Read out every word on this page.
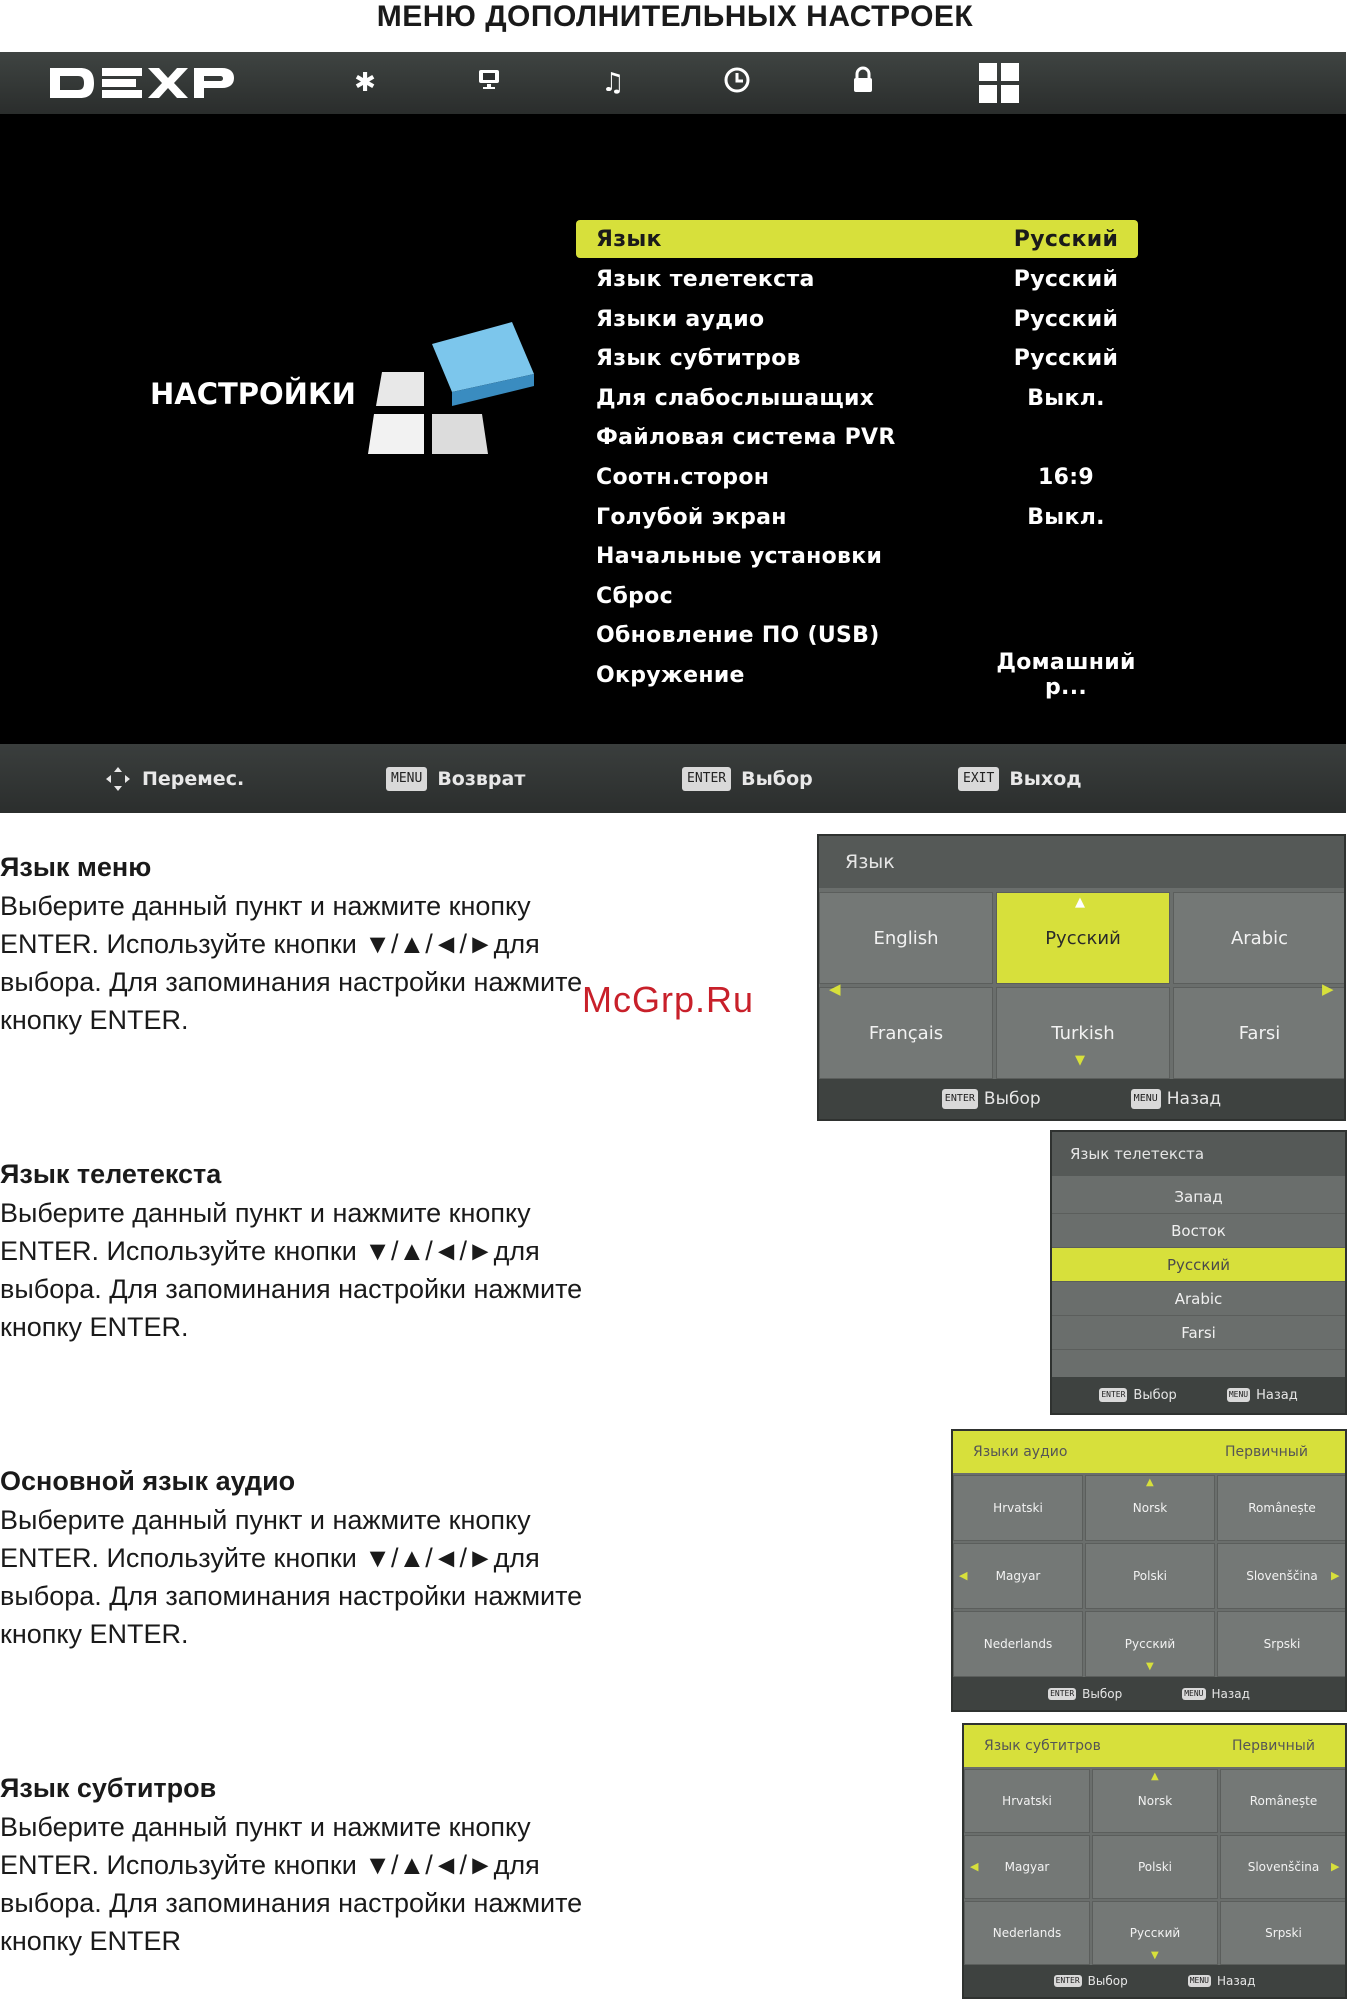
МЕНЮ ДОПОЛНИТЕЛЬНЫХ НАСТРОЕК
✱	♫
НАСТРОЙКИ
Язык	Русский
Язык телетекста	Русский
Языки аудио	Русский
Язык субтитров	Русский
Для слабослышащих	Выкл.
Файловая система PVR
Соотн.сторон	16:9
Голубой экран	Выкл.
Начальные установки
Сброс
Обновление ПО (USB)
Окружение	Домашний р...
Перемес.	MENU Возврат	ENTER Выбор	EXIT Выход
Язык меню
Выберите данный пункт и нажмите кнопку
ENTER. Используйте кнопки ▼/▲/◄/►для
выбора. Для запоминания настройки нажмите
кнопку ENTER.
Язык телетекста
Выберите данный пункт и нажмите кнопку
ENTER. Используйте кнопки ▼/▲/◄/►для
выбора. Для запоминания настройки нажмите
кнопку ENTER.
Основной язык аудио
Выберите данный пункт и нажмите кнопку
ENTER. Используйте кнопки ▼/▲/◄/►для
выбора. Для запоминания настройки нажмите
кнопку ENTER.
Язык субтитров
Выберите данный пункт и нажмите кнопку
ENTER. Используйте кнопки ▼/▲/◄/►для
выбора. Для запоминания настройки нажмите
кнопку ENTER
Язык
English	Русский	Arabic
Français	Turkish	Farsi
▲
▼
◀	▶
ENTER Выбор	MENU Назад
McGrp.Ru
Язык телетекста
Запад
Восток
Русский
Arabic
Farsi
ENTER Выбор	MENU Назад
Языки аудио	Первичный
Hrvatski	Norsk	Românește
Magyar	Polski	Slovenščina
Nederlands	Русский	Srpski
▲
▼
◀	▶
ENTER Выбор	MENU Назад
Язык субтитров	Первичный
Hrvatski	Norsk	Românește
Magyar	Polski	Slovenščina
Nederlands	Русский	Srpski
▲
▼
◀	▶
ENTER Выбор	MENU Назад
